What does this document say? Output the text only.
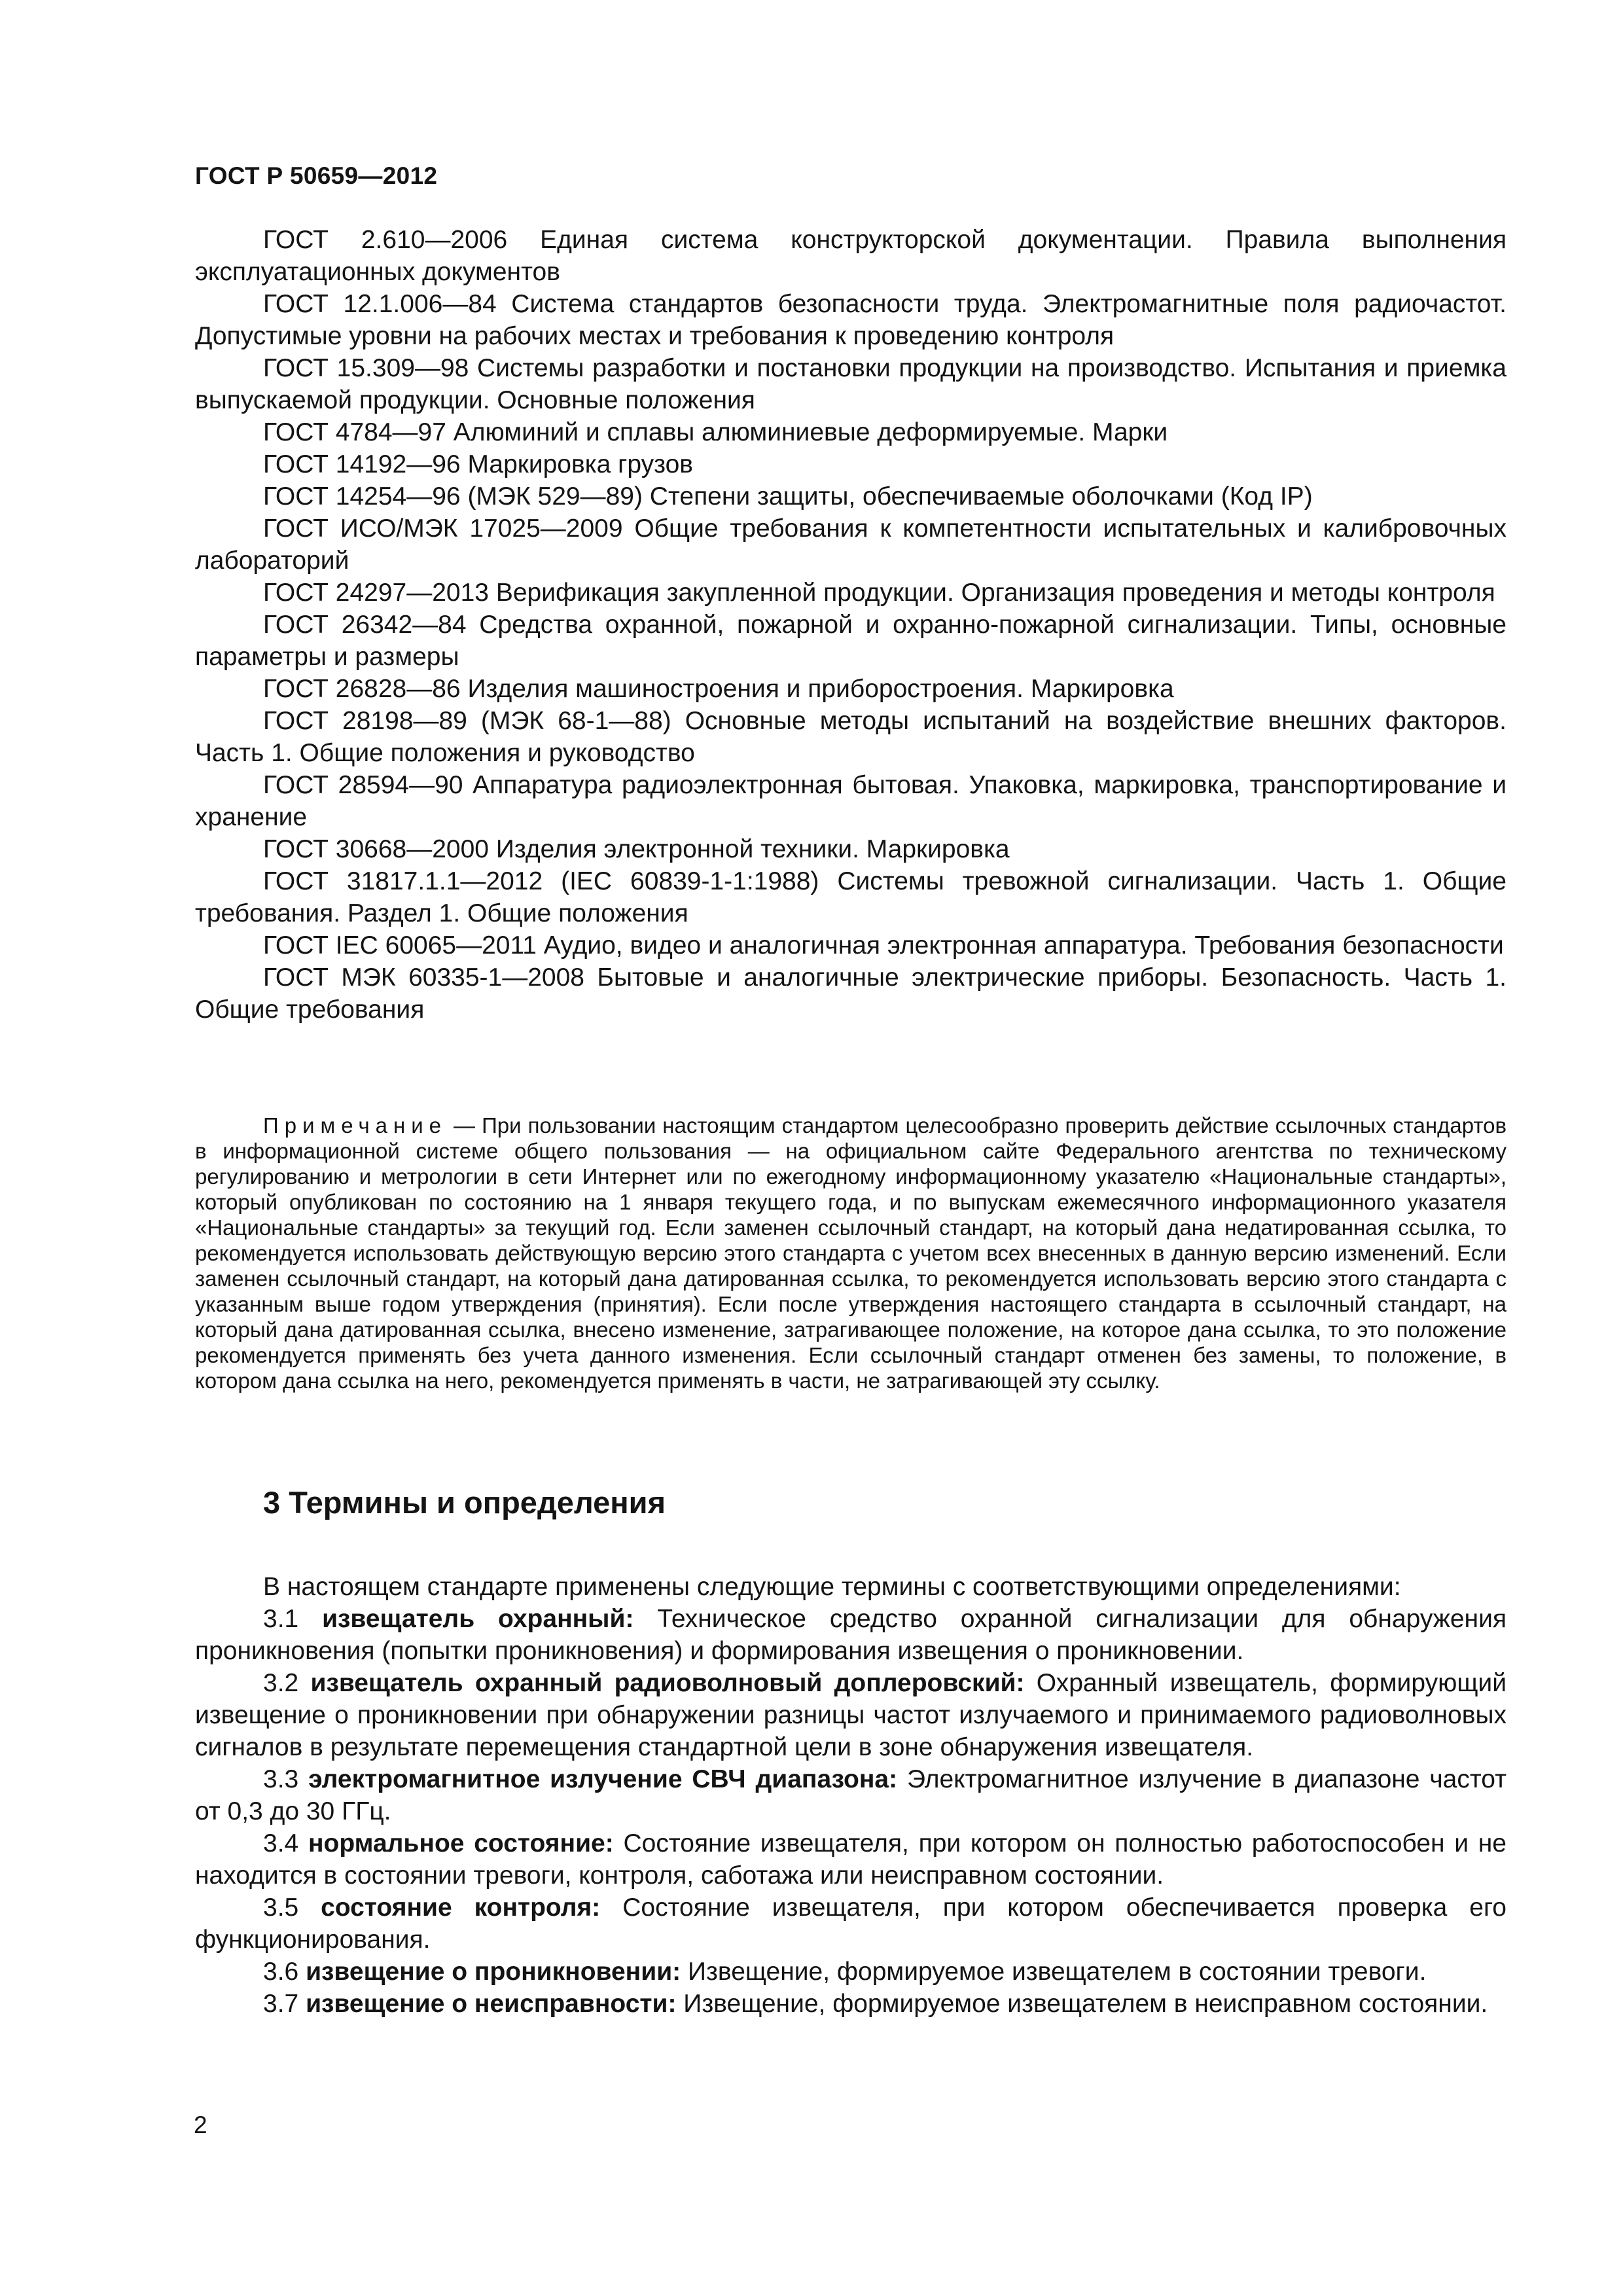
ГОСТ Р 50659—2012

ГОСТ 2.610—2006 Единая система конструкторской документации. Правила выполнения эксплуатационных документов

ГОСТ 12.1.006—84 Система стандартов безопасности труда. Электромагнитные поля радиочастот. Допустимые уровни на рабочих местах и требования к проведению контроля

ГОСТ 15.309—98 Системы разработки и постановки продукции на производство. Испытания и приемка выпускаемой продукции. Основные положения

ГОСТ 4784—97 Алюминий и сплавы алюминиевые деформируемые. Марки

ГОСТ 14192—96 Маркировка грузов

ГОСТ 14254—96 (МЭК 529—89) Степени защиты, обеспечиваемые оболочками (Код IP)

ГОСТ ИСО/МЭК 17025—2009 Общие требования к компетентности испытательных и калибровочных лабораторий

ГОСТ 24297—2013 Верификация закупленной продукции. Организация проведения и методы контроля

ГОСТ 26342—84 Средства охранной, пожарной и охранно-пожарной сигнализации. Типы, основные параметры и размеры

ГОСТ 26828—86 Изделия машиностроения и приборостроения. Маркировка

ГОСТ 28198—89 (МЭК 68-1—88) Основные методы испытаний на воздействие внешних факторов. Часть 1. Общие положения и руководство

ГОСТ 28594—90 Аппаратура радиоэлектронная бытовая. Упаковка, маркировка, транспортирование и хранение

ГОСТ 30668—2000 Изделия электронной техники. Маркировка

ГОСТ 31817.1.1—2012 (IEC 60839-1-1:1988) Системы тревожной сигнализации. Часть 1. Общие требования. Раздел 1. Общие положения

ГОСТ IEC 60065—2011 Аудио, видео и аналогичная электронная аппаратура. Требования безопасности

ГОСТ МЭК 60335-1—2008 Бытовые и аналогичные электрические приборы. Безопасность. Часть 1. Общие требования

Примечание — При пользовании настоящим стандартом целесообразно проверить действие ссылочных стандартов в информационной системе общего пользования — на официальном сайте Федерального агентства по техническому регулированию и метрологии в сети Интернет или по ежегодному информационному указателю «Национальные стандарты», который опубликован по состоянию на 1 января текущего года, и по выпускам ежемесячного информационного указателя «Национальные стандарты» за текущий год. Если заменен ссылочный стандарт, на который дана недатированная ссылка, то рекомендуется использовать действующую версию этого стандарта с учетом всех внесенных в данную версию изменений. Если заменен ссылочный стандарт, на который дана датированная ссылка, то рекомендуется использовать версию этого стандарта с указанным выше годом утверждения (принятия). Если после утверждения настоящего стандарта в ссылочный стандарт, на который дана датированная ссылка, внесено изменение, затрагивающее положение, на которое дана ссылка, то это положение рекомендуется применять без учета данного изменения. Если ссылочный стандарт отменен без замены, то положение, в котором дана ссылка на него, рекомендуется применять в части, не затрагивающей эту ссылку.

3 Термины и определения

В настоящем стандарте применены следующие термины с соответствующими определениями:

3.1 извещатель охранный: Техническое средство охранной сигнализации для обнаружения проникновения (попытки проникновения) и формирования извещения о проникновении.

3.2 извещатель охранный радиоволновый доплеровский: Охранный извещатель, формирующий извещение о проникновении при обнаружении разницы частот излучаемого и принимаемого радиоволновых сигналов в результате перемещения стандартной цели в зоне обнаружения извещателя.

3.3 электромагнитное излучение СВЧ диапазона: Электромагнитное излучение в диапазоне частот от 0,3 до 30 ГГц.

3.4 нормальное состояние: Состояние извещателя, при котором он полностью работоспособен и не находится в состоянии тревоги, контроля, саботажа или неисправном состоянии.

3.5 состояние контроля: Состояние извещателя, при котором обеспечивается проверка его функционирования.

3.6 извещение о проникновении: Извещение, формируемое извещателем в состоянии тревоги.

3.7 извещение о неисправности: Извещение, формируемое извещателем в неисправном состоянии.

2
